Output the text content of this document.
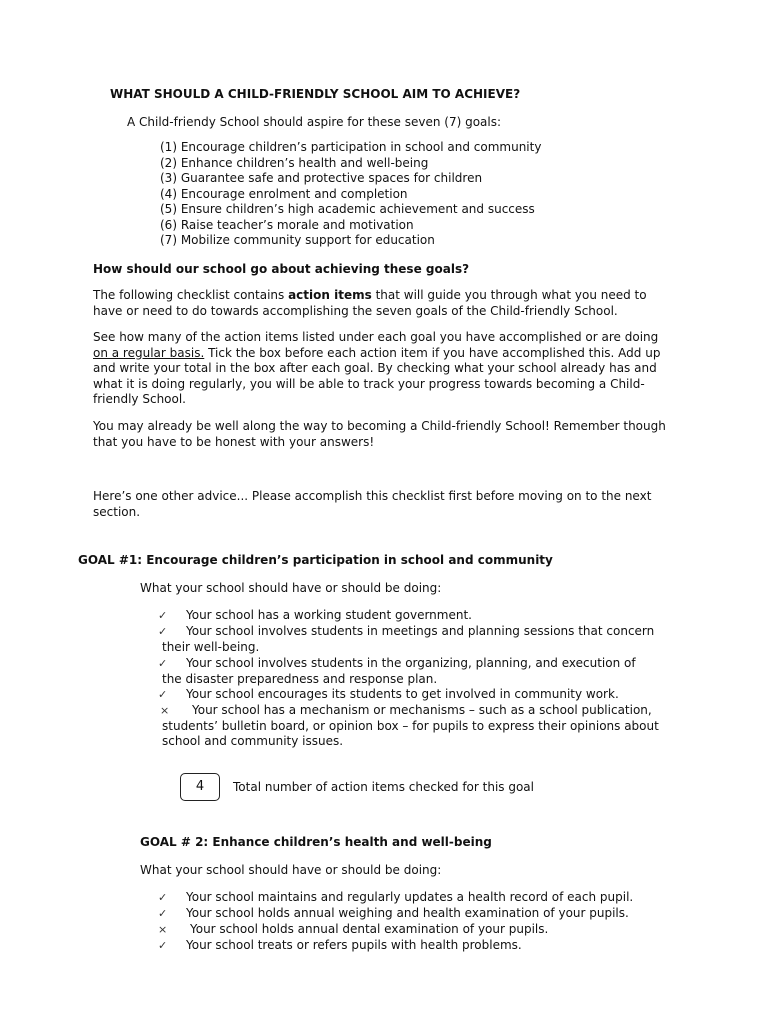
WHAT SHOULD A CHILD-FRIENDLY SCHOOL AIM TO ACHIEVE?
A Child-friendy School should aspire for these seven (7) goals:
(1) Encourage children’s participation in school and community
(2) Enhance children’s health and well-being
(3) Guarantee safe and protective spaces for children
(4) Encourage enrolment and completion
(5) Ensure children’s high academic achievement and success
(6) Raise teacher’s morale and motivation
(7) Mobilize community support for education
How should our school go about achieving these goals?
The following checklist contains action items that will guide you through what you need to have or need to do towards accomplishing the seven goals of the Child-friendly School.
See how many of the action items listed under each goal you have accomplished or are doing on a regular basis. Tick the box before each action item if you have accomplished this. Add up and write your total in the box after each goal. By checking what your school already has and what it is doing regularly, you will be able to track your progress towards becoming a Child-friendly School.
You may already be well along the way to becoming a Child-friendly School! Remember though that you have to be honest with your answers!
Here’s one other advice... Please accomplish this checklist first before moving on to the next section.
GOAL #1: Encourage children’s participation in school and community
What your school should have or should be doing:
✓ Your school has a working student government.
✓ Your school involves students in meetings and planning sessions that concern
their well-being.
✓ Your school involves students in the organizing, planning, and execution of
the disaster preparedness and response plan.
✓ Your school encourages its students to get involved in community work.
× Your school has a mechanism or mechanisms – such as a school publication,
students’ bulletin board, or opinion box – for pupils to express their opinions about
school and community issues.
4	Total number of action items checked for this goal
GOAL # 2: Enhance children’s health and well-being
What your school should have or should be doing:
✓ Your school maintains and regularly updates a health record of each pupil.
✓ Your school holds annual weighing and health examination of your pupils.
× Your school holds annual dental examination of your pupils.
✓ Your school treats or refers pupils with health problems.
